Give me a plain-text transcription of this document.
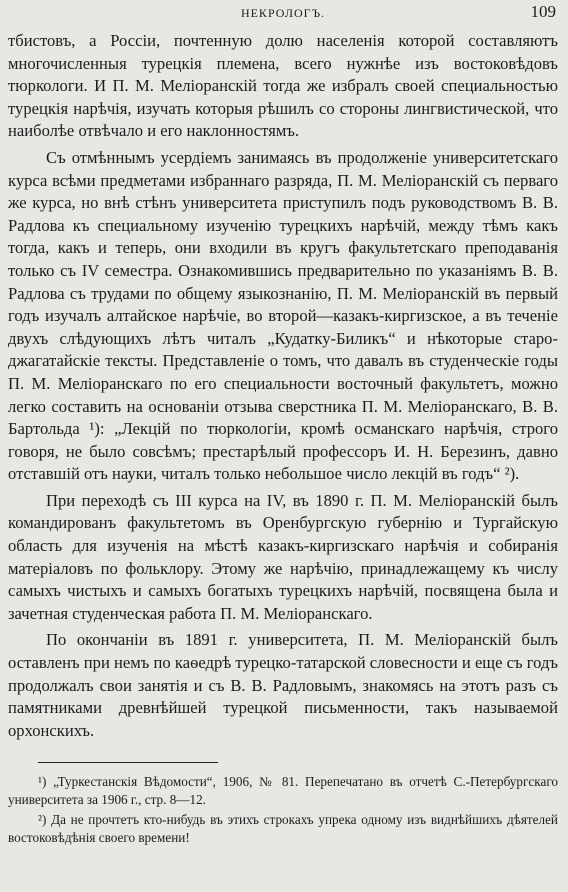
НЕКРОЛОГЪ.	109

тбистовъ, а Россіи, почтенную долю населенія которой составляютъ многочисленныя турецкія племена, всего нужнѣе изъ востоковѣдовъ тюркологи. И П. М. Меліоранскій тогда же избралъ своей специальностью турецкія нарѣчія, изучать которыя рѣшилъ со стороны лингвистической, что наиболѣе отвѣчало и его наклонностямъ.

Съ отмѣннымъ усердіемъ занимаясь въ продолженіе университетскаго курса всѣми предметами избраннаго разряда, П. М. Меліоранскій съ перваго же курса, но внѣ стѣнъ университета приступилъ подъ руководствомъ В. В. Радлова къ специальному изученію турецкихъ нарѣчій, между тѣмъ какъ тогда, какъ и теперь, они входили въ кругъ факультетскаго преподаванія только съ IV семестра. Ознакомившись предварительно по указаніямъ В. В. Радлова съ трудами по общему языкознанію, П. М. Меліоранскій въ первый годъ изучалъ алтайское нарѣчіе, во второй—казакъ-киргизское, а въ теченіе двухъ слѣдующихъ лѣтъ читалъ „Кудатку-Биликъ“ и нѣкоторые старо-джагатайскіе тексты. Представленіе о томъ, что давалъ въ студенческіе годы П. М. Меліоранскаго по его специальности восточный факультетъ, можно легко составить на основаніи отзыва сверстника П. М. Меліоранскаго, В. В. Бартольда ¹): „Лекцій по тюркологіи, кромѣ османскаго нарѣчія, строго говоря, не было совсѣмъ; престарѣлый профессоръ И. Н. Березинъ, давно отставшій отъ науки, читалъ только небольшое число лекцій въ годъ“ ²).

При переходѣ съ III курса на IV, въ 1890 г. П. М. Меліоранскій былъ командированъ факультетомъ въ Оренбургскую губернію и Тургайскую область для изученія на мѣстѣ казакъ-киргизскаго нарѣчія и собиранія матеріаловъ по фольклору. Этому же нарѣчію, принадлежащему къ числу самыхъ чистыхъ и самыхъ богатыхъ турецкихъ нарѣчій, посвящена была и зачетная студенческая работа П. М. Меліоранскаго.

По окончаніи въ 1891 г. университета, П. М. Меліоранскій былъ оставленъ при немъ по каѳедрѣ турецко-татарской словесности и еще съ годъ продолжалъ свои занятія и съ В. В. Радловымъ, знакомясь на этотъ разъ съ памятниками древнѣйшей турецкой письменности, такъ называемой орхонскихъ.

¹) „Туркестанскія Вѣдомости“, 1906, № 81. Перепечатано въ отчетѣ С.-Петербургскаго университета за 1906 г., стр. 8—12.

²) Да не прочтетъ кто-нибудь въ этихъ строкахъ упрека одному изъ виднѣйшихъ дѣятелей востоковѣдѣнія своего времени!
